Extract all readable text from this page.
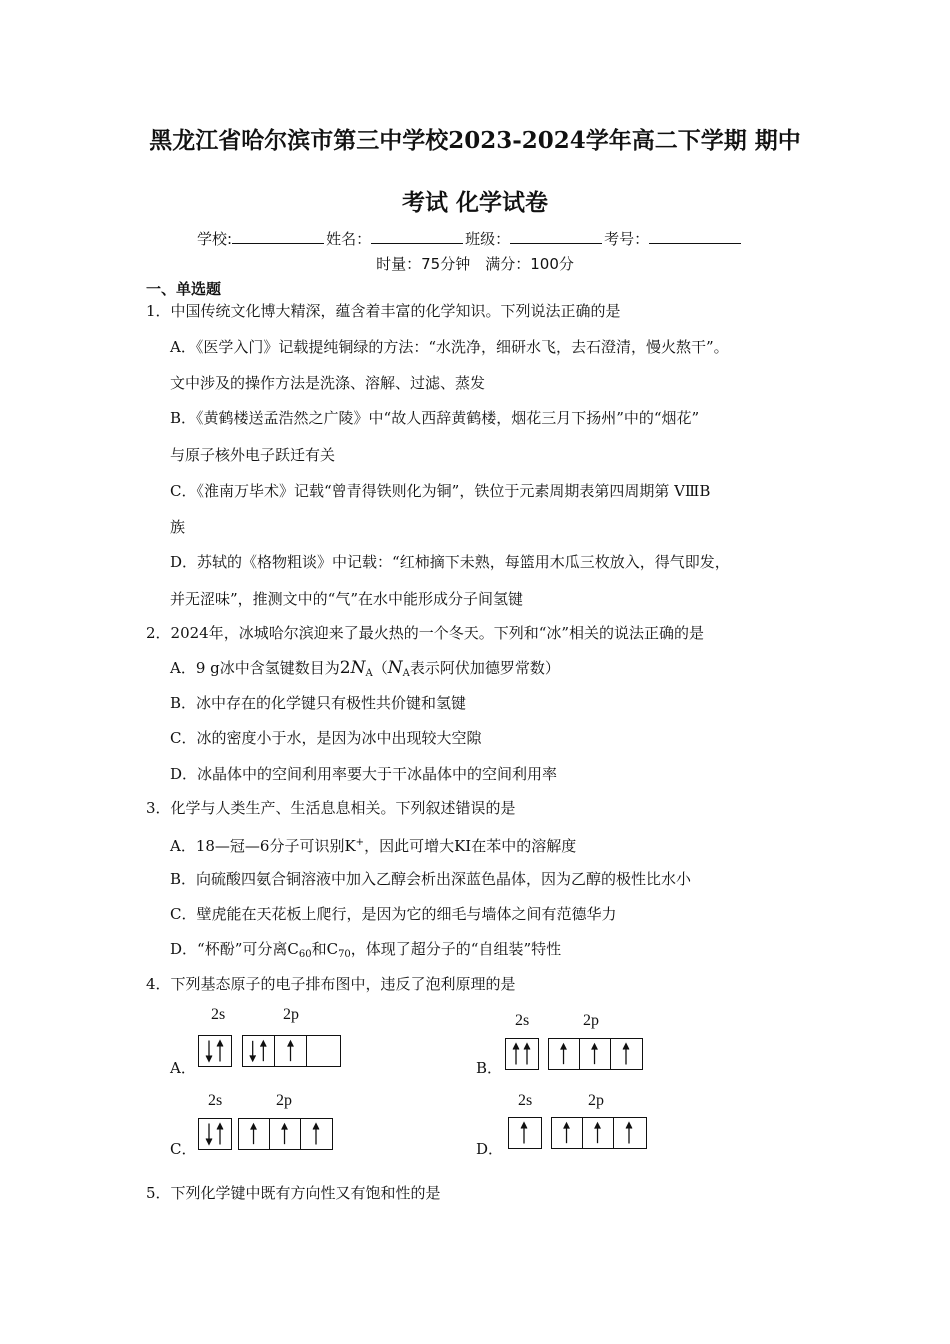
黑龙江省哈尔滨市第三中学校2023-2024学年高二下学期 期中
考试 化学试卷
学校:	姓名：	班级：	考号：
时量：75分钟　满分：100分
一、单选题
1．中国传统文化博大精深，蕴含着丰富的化学知识。下列说法正确的是
A．《医学入门》记载提纯铜绿的方法：“水洗净，细研水飞，去石澄清，慢火熬干”。
文中涉及的操作方法是洗涤、溶解、过滤、蒸发
B．《黄鹤楼送孟浩然之广陵》中“故人西辞黄鹤楼，烟花三月下扬州”中的“烟花”
与原子核外电子跃迁有关
C．《淮南万毕术》记载“曾青得铁则化为铜”，铁位于元素周期表第四周期第 VⅢB
族
D．苏轼的《格物粗谈》中记载：“红柿摘下未熟，每篮用木瓜三枚放入，得气即发，
并无涩味”，推测文中的“气”在水中能形成分子间氢键
2．2024年，冰城哈尔滨迎来了最火热的一个冬天。下列和“冰”相关的说法正确的是
A．9 g冰中含氢键数目为$2N_A(N_A$表示阿伏加德罗常数）
B．冰中存在的化学键只有极性共价键和氢键
C．冰的密度小于水，是因为冰中出现较大空隙
D．冰晶体中的空间利用率要大于干冰晶体中的空间利用率
3．化学与人类生产、生活息息相关。下列叙述错误的是
A．18—冠—6分子可识别K+，因此可增大KI在苯中的溶解度
B．向硫酸四氨合铜溶液中加入乙醇会析出深蓝色晶体，因为乙醇的极性比水小
C．壁虎能在天花板上爬行，是因为它的细毛与墙体之间有范德华力
D．“杯酚”可分离$C_{60}$和$C_{70}$，体现了超分子的“自组装”特性
4．下列基态原子的电子排布图中，违反了泡利原理的是
A．
2s	2p
B．
2s	2p
C．
2s	2p
D．
2s	2p
5．下列化学键中既有方向性又有饱和性的是
